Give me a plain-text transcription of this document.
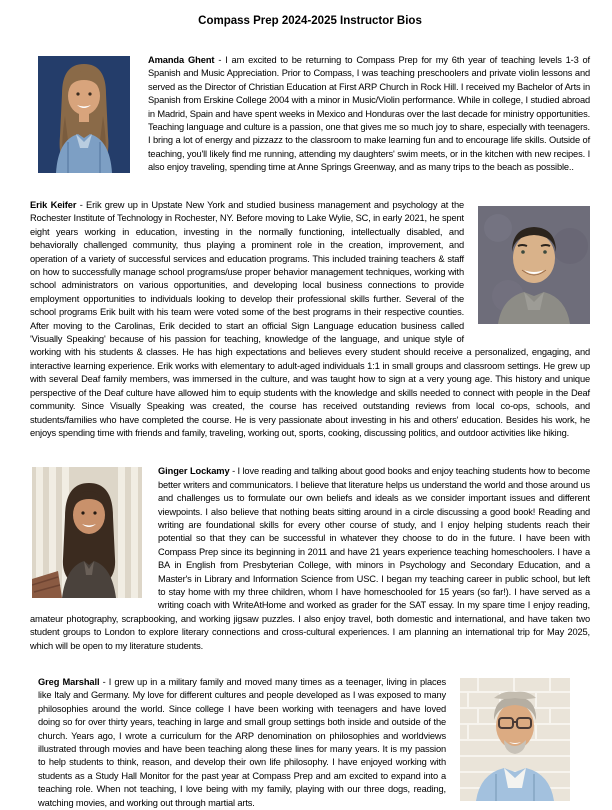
Compass Prep 2024-2025 Instructor Bios

Amanda Ghent - I am excited to be returning to Compass Prep for my 6th year of teaching levels 1-3 of Spanish and Music Appreciation. Prior to Compass, I was teaching preschoolers and private violin lessons and served as the Director of Christian Education at First ARP Church in Rock Hill. I received my Bachelor of Arts in Spanish from Erskine College 2004 with a minor in Music/Violin performance. While in college, I studied abroad in Madrid, Spain and have spent weeks in Mexico and Honduras over the last decade for ministry opportunities. Teaching language and culture is a passion, one that gives me so much joy to share, especially with teenagers. I bring a lot of energy and pizzazz to the classroom to make learning fun and to encourage life skills. Outside of teaching, you'll likely find me running, attending my daughters' swim meets, or in the kitchen with new recipes. I also enjoy traveling, spending time at Anne Springs Greenway, and as many trips to the beach as possible..

Erik Keifer - Erik grew up in Upstate New York and studied business management and psychology at the Rochester Institute of Technology in Rochester, NY. Before moving to Lake Wylie, SC, in early 2021, he spent eight years working in education, investing in the normally functioning, intellectually disabled, and behaviorally challenged community, thus playing a prominent role in the creation, improvement, and operation of a variety of successful services and education programs. This included training teachers & staff on how to successfully manage school programs/use proper behavior management techniques, working with school administrators on various opportunities, and developing local business connections to provide employment opportunities to individuals looking to develop their professional skills further. Several of the school programs Erik built with his team were voted some of the best programs in their respective counties. After moving to the Carolinas, Erik decided to start an official Sign Language education business called 'Visually Speaking' because of his passion for teaching, knowledge of the language, and unique style of working with his students & classes. He has high expectations and believes every student should receive a personalized, engaging, and interactive learning experience. Erik works with elementary to adult-aged individuals 1:1 in small groups and classroom settings. He grew up with several Deaf family members, was immersed in the culture, and was taught how to sign at a very young age. This history and unique perspective of the Deaf culture have allowed him to equip students with the knowledge and skills needed to connect with people in the Deaf community. Since Visually Speaking was created, the course has received outstanding reviews from local co-ops, schools, and students/families who have completed the course. He is very passionate about investing in his and others' education. Besides his work, he enjoys spending time with friends and family, traveling, working out, sports, cooking, discussing politics, and outdoor activities like hiking.

Ginger Lockamy - I love reading and talking about good books and enjoy teaching students how to become better writers and communicators. I believe that literature helps us understand the world and those around us and challenges us to formulate our own beliefs and ideals as we consider important issues and different viewpoints. I also believe that nothing beats sitting around in a circle discussing a good book! Reading and writing are foundational skills for every other course of study, and I enjoy helping students reach their potential so that they can be successful in whatever they choose to do in the future. I have been with Compass Prep since its beginning in 2011 and have 21 years experience teaching homeschoolers. I have a BA in English from Presbyterian College, with minors in Psychology and Secondary Education, and a Master's in Library and Information Science from USC. I began my teaching career in public school, but left to stay home with my three children, whom I have homeschooled for 15 years (so far!). I have served as a writing coach with WriteAtHome and worked as grader for the SAT essay. In my spare time I enjoy reading, amateur photography, scrapbooking, and working jigsaw puzzles. I also enjoy travel, both domestic and international, and have taken two student groups to London to explore literary connections and cross-cultural experiences. I am planning an international trip for May 2025, which will be open to my literature students.

Greg Marshall - I grew up in a military family and moved many times as a teenager, living in places like Italy and Germany. My love for different cultures and people developed as I was exposed to many philosophies around the world. Since college I have been working with teenagers and have loved doing so for over thirty years, teaching in large and small group settings both inside and outside of the church. Years ago, I wrote a curriculum for the ARP denomination on philosophies and worldviews illustrated through movies and have been teaching along these lines for many years. It is my passion to help students to think, reason, and develop their own life philosophy. I have enjoyed working with students as a Study Hall Monitor for the past year at Compass Prep and am excited to expand into a teaching role. When not teaching, I love being with my family, playing with our three dogs, reading, watching movies, and working out through martial arts.
